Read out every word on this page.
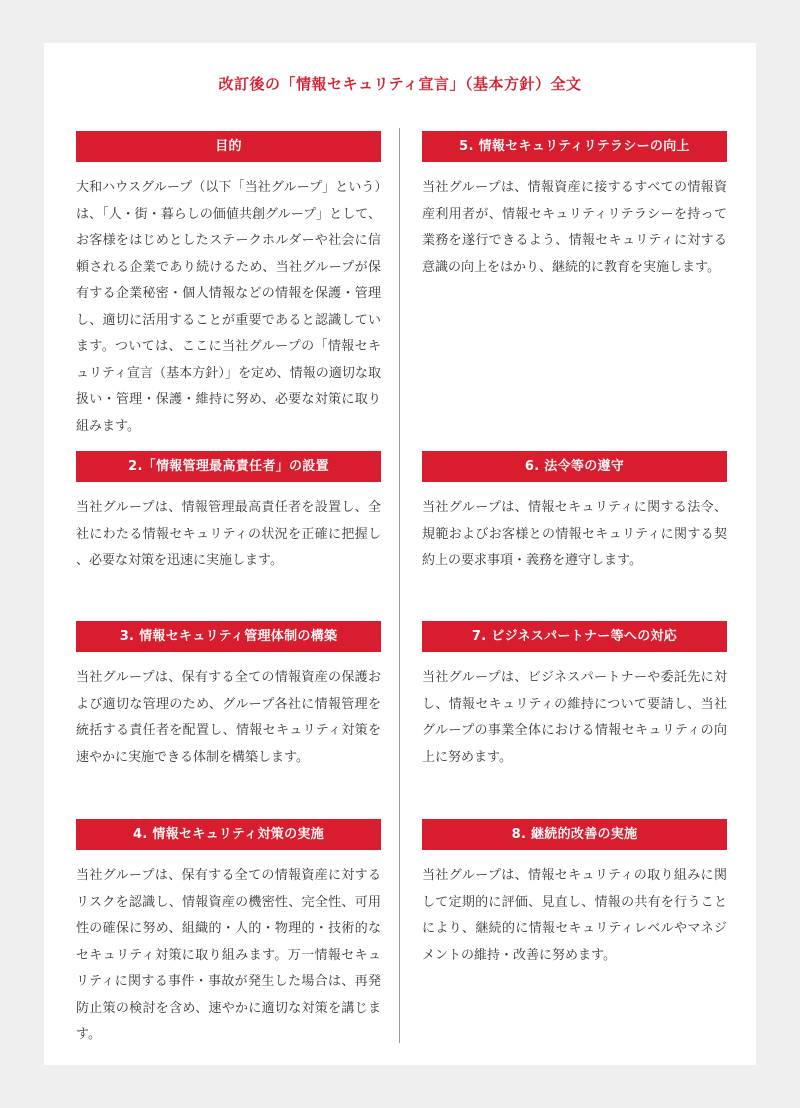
改訂後の「情報セキュリティ宣言」（基本方針）全文
目的
大和ハウスグループ（以下「当社グループ」という）は、「人・街・暮らしの価値共創グループ」として、お客様をはじめとしたステークホルダーや社会に信頼される企業であり続けるため、当社グループが保有する企業秘密・個人情報などの情報を保護・管理し、適切に活用することが重要であると認識しています。ついては、ここに当社グループの「情報セキュリティ宣言（基本方針）」を定め、情報の適切な取扱い・管理・保護・維持に努め、必要な対策に取り組みます。
2.「情報管理最高責任者」の設置
当社グループは、情報管理最高責任者を設置し、全社にわたる情報セキュリティの状況を正確に把握し、必要な対策を迅速に実施します。
3. 情報セキュリティ管理体制の構築
当社グループは、保有する全ての情報資産の保護および適切な管理のため、グループ各社に情報管理を統括する責任者を配置し、情報セキュリティ対策を速やかに実施できる体制を構築します。
4. 情報セキュリティ対策の実施
当社グループは、保有する全ての情報資産に対するリスクを認識し、情報資産の機密性、完全性、可用性の確保に努め、組織的・人的・物理的・技術的なセキュリティ対策に取り組みます。万一情報セキュリティに関する事件・事故が発生した場合は、再発防止策の検討を含め、速やかに適切な対策を講じます。
5. 情報セキュリティリテラシーの向上
当社グループは、情報資産に接するすべての情報資産利用者が、情報セキュリティリテラシーを持って業務を遂行できるよう、情報セキュリティに対する意識の向上をはかり、継続的に教育を実施します。
6. 法令等の遵守
当社グループは、情報セキュリティに関する法令、規範およびお客様との情報セキュリティに関する契約上の要求事項・義務を遵守します。
7. ビジネスパートナー等への対応
当社グループは、ビジネスパートナーや委託先に対し、情報セキュリティの維持について要請し、当社グループの事業全体における情報セキュリティの向上に努めます。
8. 継続的改善の実施
当社グループは、情報セキュリティの取り組みに関して定期的に評価、見直し、情報の共有を行うことにより、継続的に情報セキュリティレベルやマネジメントの維持・改善に努めます。
